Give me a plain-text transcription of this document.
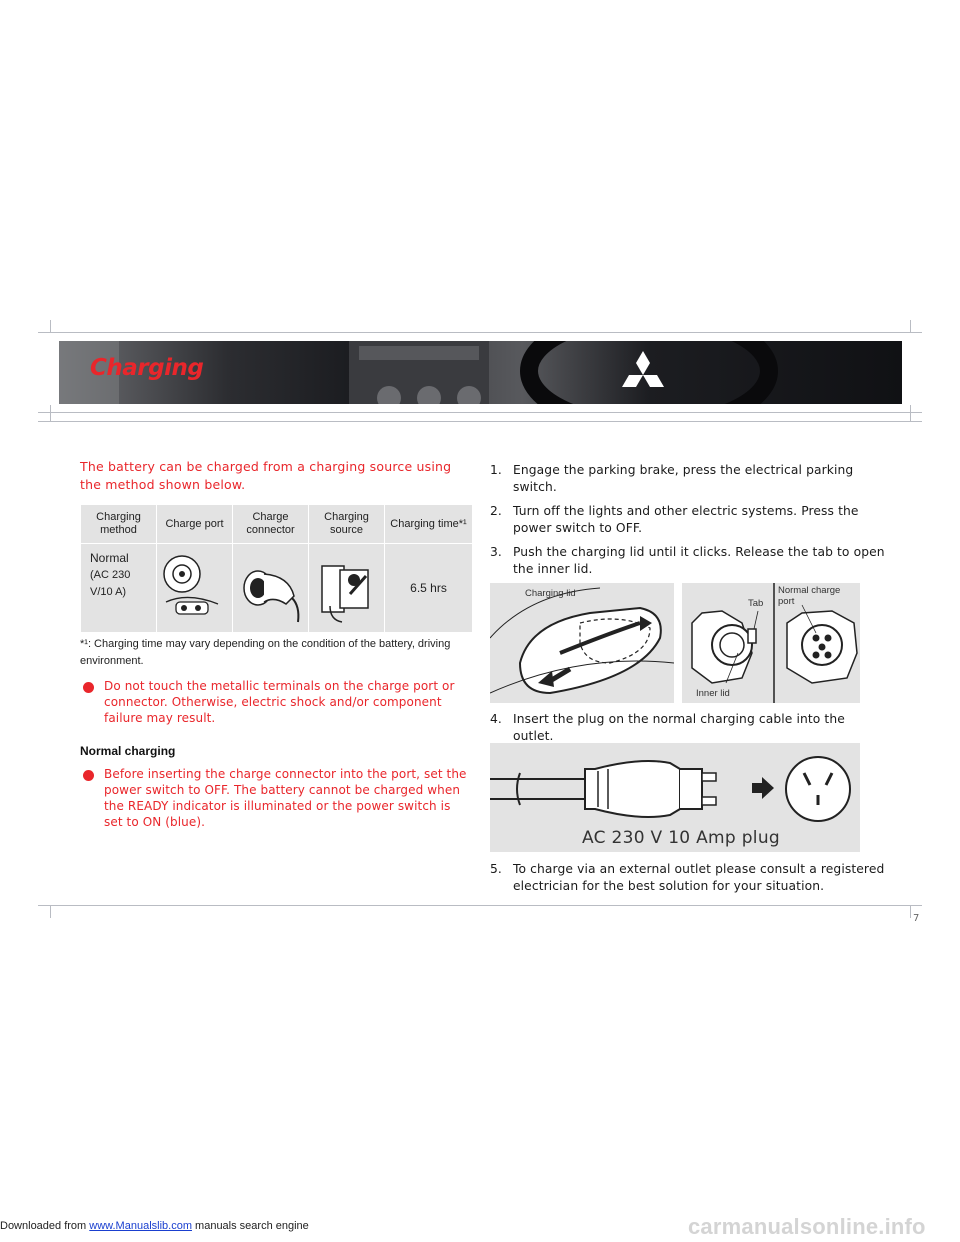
Charging
The battery can be charged from a charging source using the method shown below.
Charging method	Charge port	Charge connector	Charging source	Charging time*¹

Normal
(AC 230 V/10 A)				6.5 hrs
*¹: Charging time may vary depending on the condition of the battery, driving environment.
Do not touch the metallic terminals on the charge port or connector. Otherwise, electric shock and/or component failure may result.
Normal charging
Before inserting the charge connector into the port, set the power switch to OFF. The battery cannot be charged when the READY indicator is illuminated or the power switch is set to ON (blue).
1. Engage the parking brake, press the electrical parking switch.
2. Turn off the lights and other electric systems. Press the power switch to OFF.
3. Push the charging lid until it clicks. Release the tab to open the inner lid.
Charging lid
Tab
Normal charge port
Inner lid
4. Insert the plug on the normal charging cable into the outlet.
AC 230 V 10 Amp plug
5. To charge via an external outlet please consult a registered electrician for the best solution for your situation.
7
Downloaded from www.Manualslib.com manuals search engine	carmanualsonline.info
